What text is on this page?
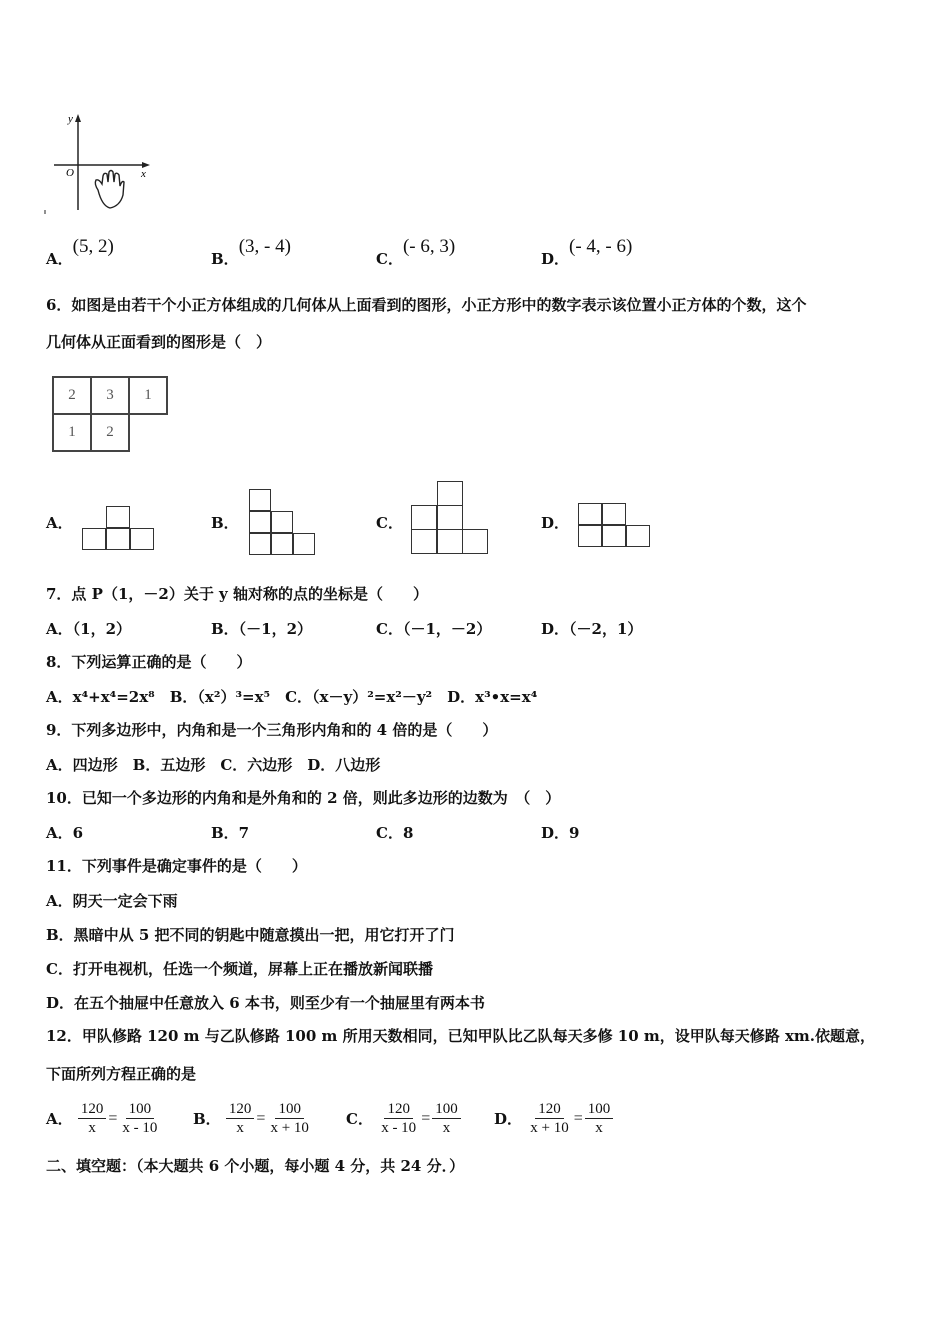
y
x
O
A．(5, 2)
B．(3, - 4)
C．(- 6, 3)
D．(- 4, - 6)
6．如图是由若干个小正方体组成的几何体从上面看到的图形，小正方形中的数字表示该位置小正方体的个数，这个
几何体从正面看到的图形是（　）
2	3	1
1	2	
A．	B．	C．	D．
7．点 P（1，－2）关于 y 轴对称的点的坐标是（　　）
A．（1，2）	B．（－1，2）	C．（－1，－2）	D．（－2，1）
8．下列运算正确的是（　　）
A．x⁴+x⁴=2x⁸　B．（x²）³=x⁵　C．（x－y）²=x²－y²　D．x³•x=x⁴
9．下列多边形中，内角和是一个三角形内角和的 4 倍的是（　　）
A．四边形　B．五边形　C．六边形　D．八边形
10．已知一个多边形的内角和是外角和的 2 倍，则此多边形的边数为　（　）
A．6	B．7	C．8	D．9
11．下列事件是确定事件的是（　　）
A．阴天一定会下雨
B．黑暗中从 5 把不同的钥匙中随意摸出一把，用它打开了门
C．打开电视机，任选一个频道，屏幕上正在播放新闻联播
D．在五个抽屉中任意放入 6 本书，则至少有一个抽屉里有两本书
12．甲队修路 120 m 与乙队修路 100 m 所用天数相同，已知甲队比乙队每天多修 10 m，设甲队每天修路 xm.依题意，
下面所列方程正确的是
A． $\frac{120}{x} = \frac{100}{x - 10}$ B． $\frac{120}{x} = \frac{100}{x + 10}$ C． $\frac{120}{x - 10} = \frac{100}{x}$ D． $\frac{120}{x + 10} = \frac{100}{x}$
二、填空题：（本大题共 6 个小题，每小题 4 分，共 24 分．）
